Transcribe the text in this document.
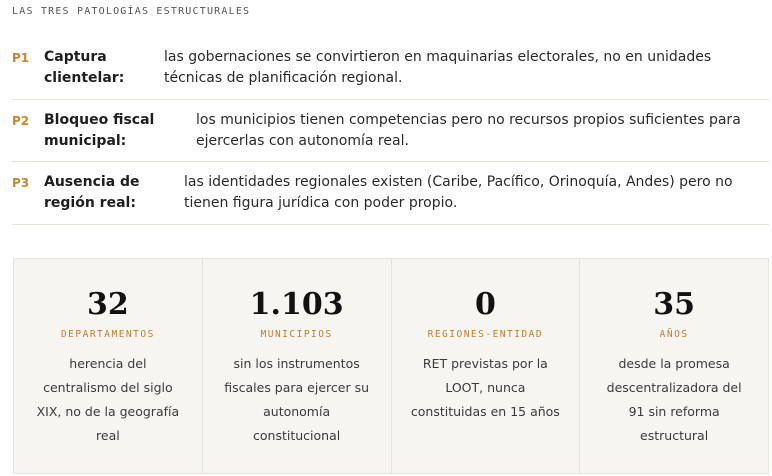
LAS TRES PATOLOGÍAS ESTRUCTURALES
P1	Captura clientelar:
las gobernaciones se convirtieron en maquinarias electorales, no en unidades técnicas de planificación regional.
P2	Bloqueo fiscal municipal:
los municipios tienen competencias pero no recursos propios suficientes para ejercerlas con autonomía real.
P3	Ausencia de región real:
las identidades regionales existen (Caribe, Pacífico, Orinoquía, Andes) pero no tienen figura jurídica con poder propio.
32
DEPARTAMENTOS
herencia del centralismo del siglo XIX, no de la geografía real
1.103
MUNICIPIOS
sin los instrumentos fiscales para ejercer su autonomía constitucional
0
REGIONES-ENTIDAD
RET previstas por la LOOT, nunca constituidas en 15 años
35
AÑOS
desde la promesa descentralizadora del 91 sin reforma estructural
